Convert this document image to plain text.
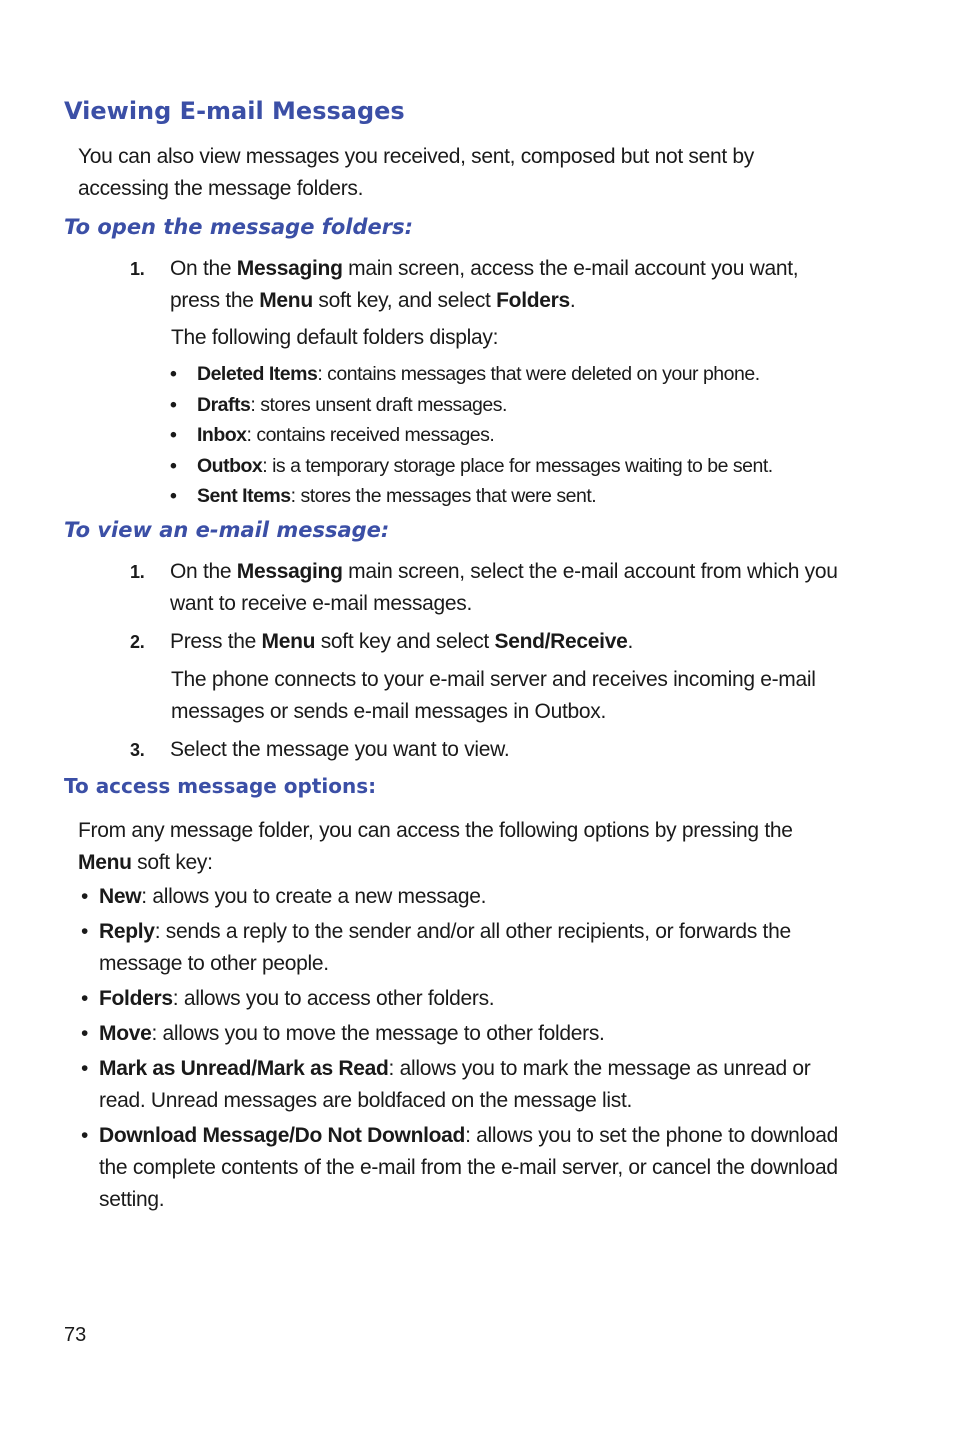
Viewing E-mail Messages

You can also view messages you received, sent, composed but not sent by accessing the message folders.

To open the message folders:
1.	On the Messaging main screen, access the e-mail account you want, press the Menu soft key, and select Folders.

The following default folders display:

• Deleted Items: contains messages that were deleted on your phone.
• Drafts: stores unsent draft messages.
• Inbox: contains received messages.
• Outbox: is a temporary storage place for messages waiting to be sent.
• Sent Items: stores the messages that were sent.
To view an e-mail message:
1.	On the Messaging main screen, select the e-mail account from which you want to receive e-mail messages.
2.	Press the Menu soft key and select Send/Receive.

The phone connects to your e-mail server and receives incoming e-mail messages or sends e-mail messages in Outbox.

3.	Select the message you want to view.
To access message options:

From any message folder, you can access the following options by pressing the Menu soft key:

• New: allows you to create a new message.
• Reply: sends a reply to the sender and/or all other recipients, or forwards the message to other people.
• Folders: allows you to access other folders.
• Move: allows you to move the message to other folders.
• Mark as Unread/Mark as Read: allows you to mark the message as unread or read. Unread messages are boldfaced on the message list.
• Download Message/Do Not Download: allows you to set the phone to download the complete contents of the e-mail from the e-mail server, or cancel the download setting.
73
